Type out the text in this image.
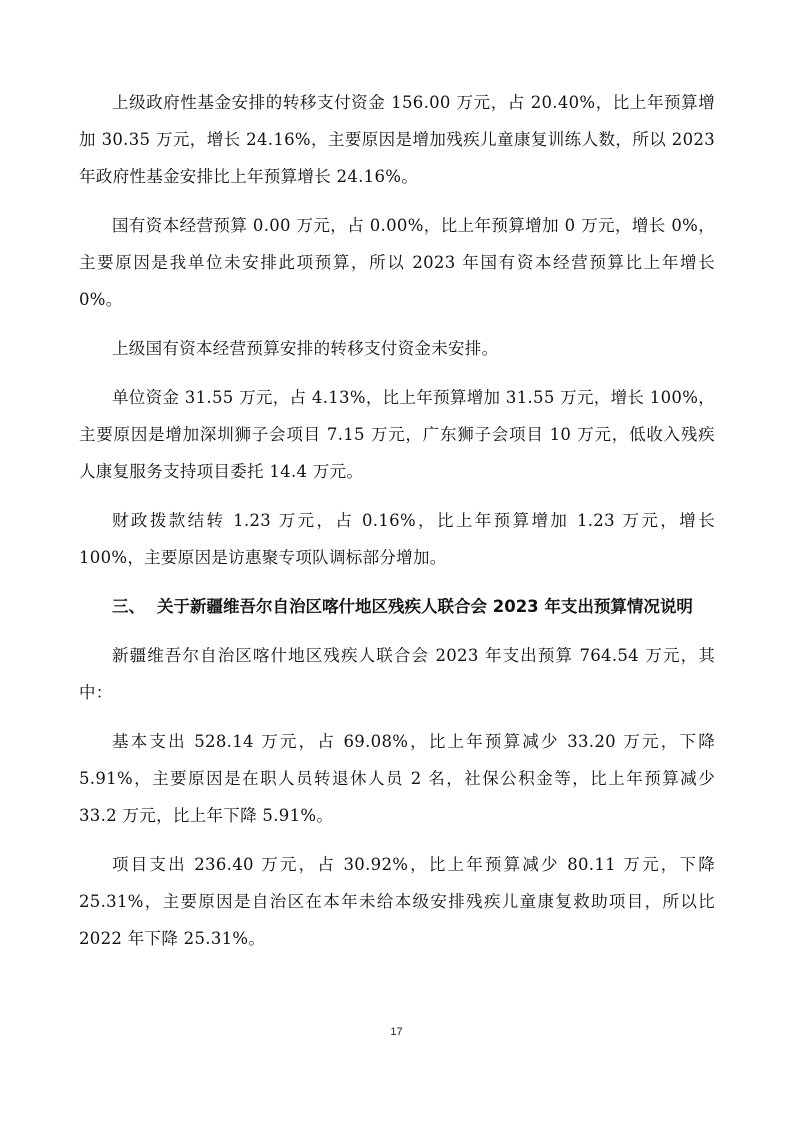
上级政府性基金安排的转移支付资金 156.00 万元，占 20.40%，比上年预算增加 30.35 万元，增长 24.16%，主要原因是增加残疾儿童康复训练人数，所以 2023 年政府性基金安排比上年预算增长 24.16%。

国有资本经营预算 0.00 万元，占 0.00%，比上年预算增加 0 万元，增长 0%，主要原因是我单位未安排此项预算，所以 2023 年国有资本经营预算比上年增长 0%。

上级国有资本经营预算安排的转移支付资金未安排。

单位资金 31.55 万元，占 4.13%，比上年预算增加 31.55 万元，增长 100%，主要原因是增加深圳狮子会项目 7.15 万元，广东狮子会项目 10 万元，低收入残疾人康复服务支持项目委托 14.4 万元。

财政拨款结转 1.23 万元，占 0.16%，比上年预算增加 1.23 万元，增长 100%，主要原因是访惠聚专项队调标部分增加。

三、 关于新疆维吾尔自治区喀什地区残疾人联合会 2023 年支出预算情况说明

新疆维吾尔自治区喀什地区残疾人联合会 2023 年支出预算 764.54 万元，其中：

基本支出 528.14 万元，占 69.08%，比上年预算减少 33.20 万元，下降 5.91%，主要原因是在职人员转退休人员 2 名，社保公积金等，比上年预算减少 33.2 万元，比上年下降 5.91%。

项目支出 236.40 万元，占 30.92%，比上年预算减少 80.11 万元，下降 25.31%，主要原因是自治区在本年未给本级安排残疾儿童康复救助项目，所以比 2022 年下降 25.31%。

17
